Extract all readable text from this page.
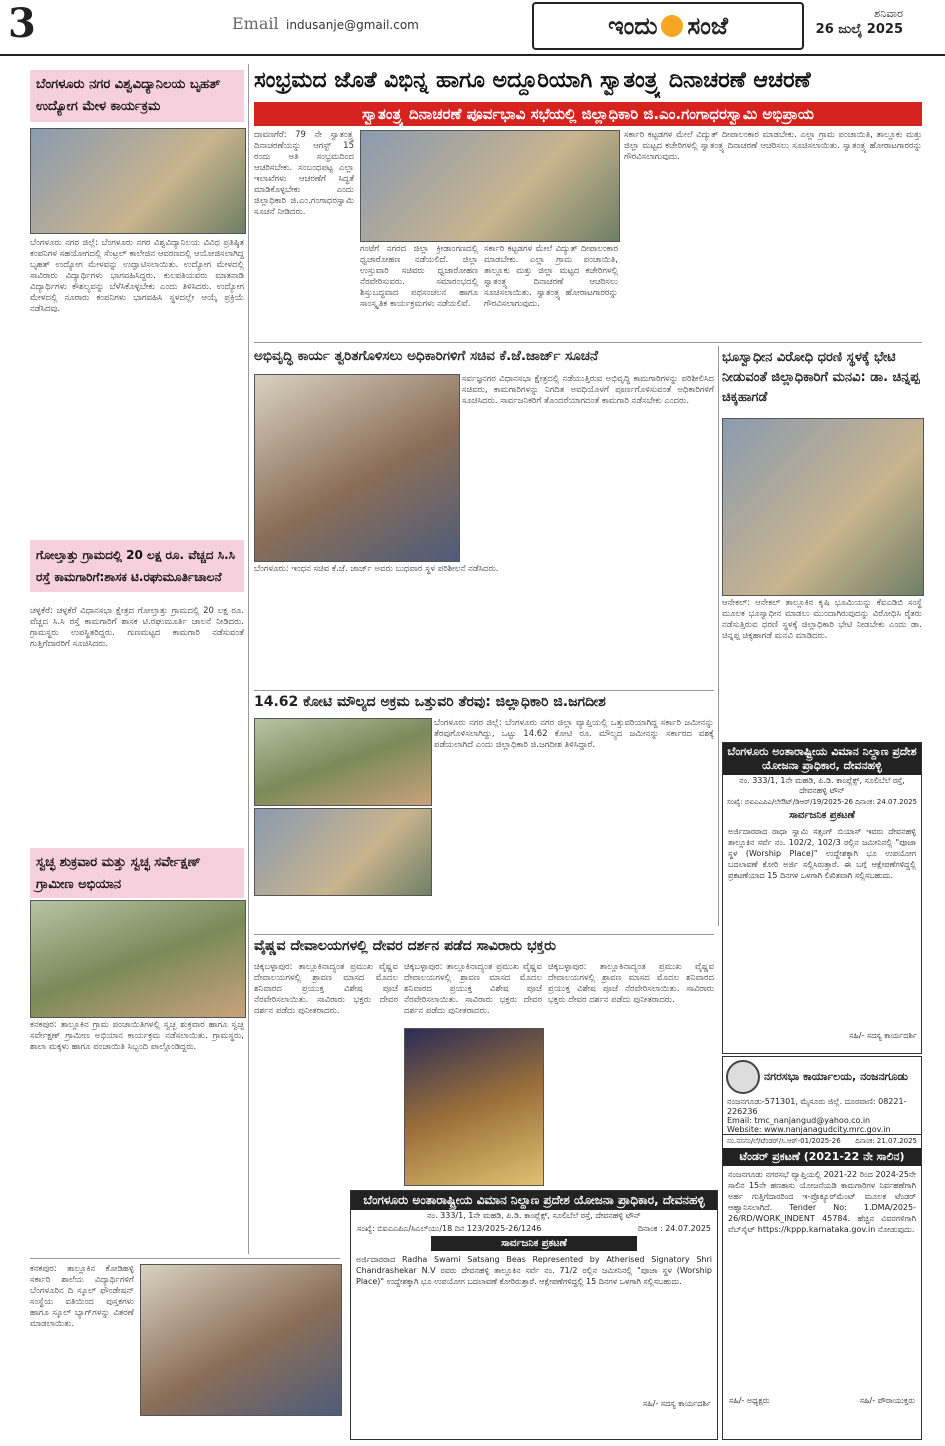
3	Email indusanje@gmail.com	ಇಂದು ಸಂಜೆ	ಶನಿವಾರ
26 ಜುಲೈ 2025
ಬೆಂಗಳೂರು ನಗರ ವಿಶ್ವವಿದ್ಯಾನಿಲಯ ಬೃಹತ್ ಉದ್ಯೋಗ ಮೇಳ ಕಾರ್ಯಕ್ರಮ
ಬೆಂಗಳೂರು ನಗರ ಜಿಲ್ಲೆ: ಬೆಂಗಳೂರು ನಗರ ವಿಶ್ವವಿದ್ಯಾನಿಲಯ ವಿವಿಧ ಪ್ರತಿಷ್ಠಿತ ಕಂಪನಿಗಳ ಸಹಯೋಗದಲ್ಲಿ ಸೆಂಟ್ರಲ್ ಕಾಲೇಜಿನ ಆವರಣದಲ್ಲಿ ಆಯೋಜಿಸಲಾಗಿದ್ದ ಬೃಹತ್ ಉದ್ಯೋಗ ಮೇಳವನ್ನು ಉದ್ಘಾಟಿಸಲಾಯಿತು. ಉದ್ಯೋಗ ಮೇಳದಲ್ಲಿ ಸಾವಿರಾರು ವಿದ್ಯಾರ್ಥಿಗಳು ಭಾಗವಹಿಸಿದ್ದರು. ಕುಲಪತಿಯವರು ಮಾತನಾಡಿ ವಿದ್ಯಾರ್ಥಿಗಳು ಕೌಶಲ್ಯವನ್ನು ಬೆಳೆಸಿಕೊಳ್ಳಬೇಕು ಎಂದು ತಿಳಿಸಿದರು. ಉದ್ಯೋಗ ಮೇಳದಲ್ಲಿ ನೂರಾರು ಕಂಪನಿಗಳು ಭಾಗವಹಿಸಿ ಸ್ಥಳದಲ್ಲೇ ಆಯ್ಕೆ ಪ್ರಕ್ರಿಯೆ ನಡೆಸಿದವು.
ಗೋಲ್ತಾತ್ತು ಗ್ರಾಮದಲ್ಲಿ 20 ಲಕ್ಷ ರೂ. ವೆಚ್ಚದ ಸಿ.ಸಿ ರಸ್ತೆ ಕಾಮಗಾರಿಗೆ:ಶಾಸಕ ಟಿ.ರಘುಮೂರ್ತಿಚಾಲನೆ
ಚಳ್ಳಕೆರೆ: ಚಳ್ಳಕೆರೆ ವಿಧಾನಸಭಾ ಕ್ಷೇತ್ರದ ಗೋಲ್ತಾತ್ತು ಗ್ರಾಮದಲ್ಲಿ 20 ಲಕ್ಷ ರೂ. ವೆಚ್ಚದ ಸಿ.ಸಿ ರಸ್ತೆ ಕಾಮಗಾರಿಗೆ ಶಾಸಕ ಟಿ.ರಘುಮೂರ್ತಿ ಚಾಲನೆ ನೀಡಿದರು. ಗ್ರಾಮಸ್ಥರು ಉಪಸ್ಥಿತರಿದ್ದರು. ಗುಣಮಟ್ಟದ ಕಾಮಗಾರಿ ನಡೆಸುವಂತೆ ಗುತ್ತಿಗೆದಾರರಿಗೆ ಸೂಚಿಸಿದರು.
ಸ್ವಚ್ಛ ಶುಕ್ರವಾರ ಮತ್ತು ಸ್ವಚ್ಛ ಸರ್ವೇಕ್ಷಣ್ ಗ್ರಾಮೀಣ ಅಭಿಯಾನ
ಕನಕಪುರ: ತಾಲ್ಲೂಕಿನ ಗ್ರಾಮ ಪಂಚಾಯಿತಿಗಳಲ್ಲಿ ಸ್ವಚ್ಛ ಶುಕ್ರವಾರ ಹಾಗೂ ಸ್ವಚ್ಛ ಸರ್ವೇಕ್ಷಣ್ ಗ್ರಾಮೀಣ ಅಭಿಯಾನ ಕಾರ್ಯಕ್ರಮ ನಡೆಸಲಾಯಿತು. ಗ್ರಾಮಸ್ಥರು, ಶಾಲಾ ಮಕ್ಕಳು ಹಾಗೂ ಪಂಚಾಯಿತಿ ಸಿಬ್ಬಂದಿ ಪಾಲ್ಗೊಂಡಿದ್ದರು.
ಕನಕಪುರ: ತಾಲ್ಲೂಕಿನ ಕೋಡಿಹಳ್ಳಿ ಸರ್ಕಾರಿ ಶಾಲೆಯ ವಿದ್ಯಾರ್ಥಿಗಳಿಗೆ ಬೆಂಗಳೂರಿನ ದಿ ಸ್ಕೂಲ್ ಫೌಂಡೇಷನ್ ಸಂಸ್ಥೆಯ ವತಿಯಿಂದ ಪುಸ್ತಕಗಳು ಹಾಗೂ ಸ್ಕೂಲ್ ಬ್ಯಾಗ್‌ಗಳನ್ನು ವಿತರಣೆ ಮಾಡಲಾಯಿತು.
ಸಂಭ್ರಮದ ಜೊತೆ ವಿಭಿನ್ನ ಹಾಗೂ ಅದ್ದೂರಿಯಾಗಿ ಸ್ವಾತಂತ್ರ್ಯ ದಿನಾಚರಣೆ ಆಚರಣೆ
ಸ್ವಾತಂತ್ರ್ಯ ದಿನಾಚರಣೆ ಪೂರ್ವಭಾವಿ ಸಭೆಯಲ್ಲಿ ಜಿಲ್ಲಾಧಿಕಾರಿ ಜಿ.ಎಂ.ಗಂಗಾಧರಸ್ವಾಮಿ ಅಭಿಪ್ರಾಯ
ದಾವಣಗೆರೆ: 79 ನೇ ಸ್ವಾತಂತ್ರ್ಯ ದಿನಾಚರಣೆಯನ್ನು ಆಗಸ್ಟ್ 15 ರಂದು ಅತಿ ಸಂಭ್ರಮದಿಂದ ಆಚರಿಸಬೇಕು. ಸಂಬಂಧಪಟ್ಟ ಎಲ್ಲಾ ಇಲಾಖೆಗಳು ಆಚರಣೆಗೆ ಸಿದ್ಧತೆ ಮಾಡಿಕೊಳ್ಳಬೇಕು ಎಂದು ಜಿಲ್ಲಾಧಿಕಾರಿ ಜಿ.ಎಂ.ಗಂಗಾಧರಸ್ವಾಮಿ ಸೂಚನೆ ನೀಡಿದರು.
ಗಂಟೆಗೆ ನಗರದ ಜಿಲ್ಲಾ ಕ್ರೀಡಾಂಗಣದಲ್ಲಿ ಧ್ವಜಾರೋಹಣ ನಡೆಯಲಿದೆ. ಜಿಲ್ಲಾ ಉಸ್ತುವಾರಿ ಸಚಿವರು ಧ್ವಜಾರೋಹಣ ನೆರವೇರಿಸುವರು. ಸಮಾರಂಭದಲ್ಲಿ ಶಿಸ್ತುಬದ್ಧವಾದ ಪಥಸಂಚಲನ ಹಾಗೂ ಸಾಂಸ್ಕೃತಿಕ ಕಾರ್ಯಕ್ರಮಗಳು ನಡೆಯಲಿವೆ.
ಸರ್ಕಾರಿ ಕಟ್ಟಡಗಳ ಮೇಲೆ ವಿದ್ಯುತ್ ದೀಪಾಲಂಕಾರ ಮಾಡಬೇಕು. ಎಲ್ಲಾ ಗ್ರಾಮ ಪಂಚಾಯಿತಿ, ತಾಲ್ಲೂಕು ಮತ್ತು ಜಿಲ್ಲಾ ಮಟ್ಟದ ಕಚೇರಿಗಳಲ್ಲಿ ಸ್ವಾತಂತ್ರ್ಯ ದಿನಾಚರಣೆ ಆಚರಿಸಲು ಸೂಚಿಸಲಾಯಿತು. ಸ್ವಾತಂತ್ರ್ಯ ಹೋರಾಟಗಾರರನ್ನು ಗೌರವಿಸಲಾಗುವುದು.
ಸರ್ಕಾರಿ ಕಟ್ಟಡಗಳ ಮೇಲೆ ವಿದ್ಯುತ್ ದೀಪಾಲಂಕಾರ ಮಾಡಬೇಕು. ಎಲ್ಲಾ ಗ್ರಾಮ ಪಂಚಾಯಿತಿ, ತಾಲ್ಲೂಕು ಮತ್ತು ಜಿಲ್ಲಾ ಮಟ್ಟದ ಕಚೇರಿಗಳಲ್ಲಿ ಸ್ವಾತಂತ್ರ್ಯ ದಿನಾಚರಣೆ ಆಚರಿಸಲು ಸೂಚಿಸಲಾಯಿತು. ಸ್ವಾತಂತ್ರ್ಯ ಹೋರಾಟಗಾರರನ್ನು ಗೌರವಿಸಲಾಗುವುದು.
ಅಭಿವೃದ್ಧಿ ಕಾರ್ಯ ತ್ವರಿತಗೊಳಿಸಲು ಅಧಿಕಾರಿಗಳಿಗೆ ಸಚಿವ ಕೆ.ಜೆ.ಜಾರ್ಜ್ ಸೂಚನೆ
ಸರ್ವಜ್ಞನಗರ ವಿಧಾನಸಭಾ ಕ್ಷೇತ್ರದಲ್ಲಿ ನಡೆಯುತ್ತಿರುವ ಅಭಿವೃದ್ಧಿ ಕಾಮಗಾರಿಗಳನ್ನು ಪರಿಶೀಲಿಸಿದ ಸಚಿವರು, ಕಾಮಗಾರಿಗಳನ್ನು ನಿಗದಿತ ಅವಧಿಯೊಳಗೆ ಪೂರ್ಣಗೊಳಿಸುವಂತೆ ಅಧಿಕಾರಿಗಳಿಗೆ ಸೂಚಿಸಿದರು. ಸಾರ್ವಜನಿಕರಿಗೆ ತೊಂದರೆಯಾಗದಂತೆ ಕಾಮಗಾರಿ ನಡೆಸಬೇಕು ಎಂದರು.
ಬೆಂಗಳೂರು: ಇಂಧನ ಸಚಿವ ಕೆ.ಜೆ. ಜಾರ್ಜ್ ಅವರು ಬುಧವಾರ ಸ್ಥಳ ಪರಿಶೀಲನೆ ನಡೆಸಿದರು.
ಭೂಸ್ವಾಧೀನ ವಿರೋಧಿ ಧರಣಿ ಸ್ಥಳಕ್ಕೆ ಭೇಟಿ ನೀಡುವಂತೆ ಜಿಲ್ಲಾಧಿಕಾರಿಗೆ ಮನವಿ: ಡಾ. ಚಿನ್ನಪ್ಪ ಚಿಕ್ಕಹಾಗಡೆ
ಆನೇಕಲ್: ಆನೇಕಲ್ ತಾಲ್ಲೂಕಿನ ಕೃಷಿ ಭೂಮಿಯನ್ನು ಕೆಐಎಡಿಬಿ ಸಂಸ್ಥೆ ಮೂಲಕ ಭೂಸ್ವಾಧೀನ ಮಾಡಲು ಮುಂದಾಗಿರುವುದನ್ನು ವಿರೋಧಿಸಿ ರೈತರು ನಡೆಸುತ್ತಿರುವ ಧರಣಿ ಸ್ಥಳಕ್ಕೆ ಜಿಲ್ಲಾಧಿಕಾರಿ ಭೇಟಿ ನೀಡಬೇಕು ಎಂದು ಡಾ. ಚಿನ್ನಪ್ಪ ಚಿಕ್ಕಹಾಗಡೆ ಮನವಿ ಮಾಡಿದರು.
14.62 ಕೋಟಿ ಮೌಲ್ಯದ ಅಕ್ರಮ ಒತ್ತುವರಿ ತೆರವು: ಜಿಲ್ಲಾಧಿಕಾರಿ ಜಿ.ಜಗದೀಶ
ಬೆಂಗಳೂರು ನಗರ ಜಿಲ್ಲೆ: ಬೆಂಗಳೂರು ನಗರ ಜಿಲ್ಲಾ ವ್ಯಾಪ್ತಿಯಲ್ಲಿ ಒತ್ತುವರಿಯಾಗಿದ್ದ ಸರ್ಕಾರಿ ಜಮೀನನ್ನು ತೆರವುಗೊಳಿಸಲಾಗಿದ್ದು, ಒಟ್ಟು 14.62 ಕೋಟಿ ರೂ. ಮೌಲ್ಯದ ಜಮೀನನ್ನು ಸರ್ಕಾರದ ವಶಕ್ಕೆ ಪಡೆಯಲಾಗಿದೆ ಎಂದು ಜಿಲ್ಲಾಧಿಕಾರಿ ಜಿ.ಜಗದೀಶ ತಿಳಿಸಿದ್ದಾರೆ.	ಬೆಂಗಳೂರು ಅಂತಾರಾಷ್ಟ್ರೀಯ ವಿಮಾನ ನಿಲ್ದಾಣ ಪ್ರದೇಶ ಯೋಜನಾ ಪ್ರಾಧಿಕಾರ, ದೇವನಹಳ್ಳಿ
ನಂ. 333/1, 1ನೇ ಮಹಡಿ, ಪಿ.ಡಿ. ಕಾಂಪ್ಲೆಕ್ಸ್, ಸೂಲಿಬೆಲೆ ರಸ್ತೆ, ದೇವನಹಳ್ಳಿ ಟೌನ್
ಸಂಖ್ಯೆ: ಬಿಐಎಎಪಿಎ/ಲೇಔಟ್/ಡಿಆರ್/19/2025-26 ದಿನಾಂಕ: 24.07.2025
ಸಾರ್ವಜನಿಕ ಪ್ರಕಟಣೆ
ಅರ್ಜಿದಾರರಾದ ರಾಧಾ ಸ್ವಾಮಿ ಸತ್ಸಂಗ್ ಬಿಯಾಸ್ ಇವರು ದೇವನಹಳ್ಳಿ ತಾಲ್ಲೂಕಿನ ಸರ್ವೆ ನಂ. 102/2, 102/3 ರಲ್ಲಿನ ಜಮೀನಿನಲ್ಲಿ "ಪೂಜಾ ಸ್ಥಳ (Worship Place)" ಉದ್ದೇಶಕ್ಕಾಗಿ ಭೂ ಉಪಯೋಗ ಬದಲಾವಣೆ ಕೋರಿ ಅರ್ಜಿ ಸಲ್ಲಿಸಿರುತ್ತಾರೆ. ಈ ಬಗ್ಗೆ ಆಕ್ಷೇಪಣೆಗಳಿದ್ದಲ್ಲಿ ಪ್ರಕಟಣೆಯಾದ 15 ದಿನಗಳ ಒಳಗಾಗಿ ಲಿಖಿತವಾಗಿ ಸಲ್ಲಿಸಬಹುದು.
ಸಹಿ/- ಸದಸ್ಯ ಕಾರ್ಯದರ್ಶಿ
ನಗರಸಭಾ ಕಾರ್ಯಾಲಯ, ನಂಜನಗೂಡು
ನಂಜನಗೂಡು-571301, ಮೈಸೂರು ಜಿಲ್ಲೆ. ದೂರವಾಣಿ: 08221-226236
Email: tmc_nanjangud@yahoo.co.in
Website: www.nanjanagudcity.mrc.gov.in
ನಂ.ನಸನಂ/ಲೆ/ಟೆಂಡರ್/ಸಿ.ಆರ್-01/2025-26 ದಿನಾಂಕ: 21.07.2025
ಟೆಂಡರ್ ಪ್ರಕಟಣೆ (2021-22 ನೇ ಸಾಲಿನ)
ನಂಜನಗೂಡು ನಗರಸಭೆ ವ್ಯಾಪ್ತಿಯಲ್ಲಿ 2021-22 ರಿಂದ 2024-25ನೇ ಸಾಲಿನ 15ನೇ ಹಣಕಾಸು ಯೋಜನೆಯಡಿ ಕಾಮಗಾರಿಗಳ ನಿರ್ವಹಣೆಗಾಗಿ ಅರ್ಹ ಗುತ್ತಿಗೆದಾರರಿಂದ ಇ-ಪ್ರೊಕ್ಯೂರ್‌ಮೆಂಟ್ ಮೂಲಕ ಟೆಂಡರ್ ಆಹ್ವಾನಿಸಲಾಗಿದೆ. Tender No: 1.DMA/2025-26/RD/WORK_INDENT 45784. ಹೆಚ್ಚಿನ ವಿವರಗಳಿಗಾಗಿ ವೆಬ್‌ಸೈಟ್ https://kppp.karnataka.gov.in ನೋಡುವುದು.
ಸಹಿ/- ಅಧ್ಯಕ್ಷರು	ಸಹಿ/- ಪೌರಾಯುಕ್ತರು
ವೈಷ್ಣವ ದೇವಾಲಯಗಳಲ್ಲಿ ದೇವರ ದರ್ಶನ ಪಡೆದ ಸಾವಿರಾರು ಭಕ್ತರು
ಚಿಕ್ಕಬಳ್ಳಾಪುರ: ತಾಲ್ಲೂಕಿನಾದ್ಯಂತ ಪ್ರಮುಖ ವೈಷ್ಣವ ದೇವಾಲಯಗಳಲ್ಲಿ ಶ್ರಾವಣ ಮಾಸದ ಮೊದಲ ಶನಿವಾರದ ಪ್ರಯುಕ್ತ ವಿಶೇಷ ಪೂಜೆ ನೆರವೇರಿಸಲಾಯಿತು. ಸಾವಿರಾರು ಭಕ್ತರು ದೇವರ ದರ್ಶನ ಪಡೆದು ಪುನೀತರಾದರು.
ಚಿಕ್ಕಬಳ್ಳಾಪುರ: ತಾಲ್ಲೂಕಿನಾದ್ಯಂತ ಪ್ರಮುಖ ವೈಷ್ಣವ ದೇವಾಲಯಗಳಲ್ಲಿ ಶ್ರಾವಣ ಮಾಸದ ಮೊದಲ ಶನಿವಾರದ ಪ್ರಯುಕ್ತ ವಿಶೇಷ ಪೂಜೆ ನೆರವೇರಿಸಲಾಯಿತು. ಸಾವಿರಾರು ಭಕ್ತರು ದೇವರ ದರ್ಶನ ಪಡೆದು ಪುನೀತರಾದರು.
ಚಿಕ್ಕಬಳ್ಳಾಪುರ: ತಾಲ್ಲೂಕಿನಾದ್ಯಂತ ಪ್ರಮುಖ ವೈಷ್ಣವ ದೇವಾಲಯಗಳಲ್ಲಿ ಶ್ರಾವಣ ಮಾಸದ ಮೊದಲ ಶನಿವಾರದ ಪ್ರಯುಕ್ತ ವಿಶೇಷ ಪೂಜೆ ನೆರವೇರಿಸಲಾಯಿತು. ಸಾವಿರಾರು ಭಕ್ತರು ದೇವರ ದರ್ಶನ ಪಡೆದು ಪುನೀತರಾದರು.
ಬೆಂಗಳೂರು ಅಂತಾರಾಷ್ಟ್ರೀಯ ವಿಮಾನ ನಿಲ್ದಾಣ ಪ್ರದೇಶ ಯೋಜನಾ ಪ್ರಾಧಿಕಾರ, ದೇವನಹಳ್ಳಿ
ನಂ. 333/1, 1ನೇ ಮಹಡಿ, ಪಿ.ಡಿ. ಕಾಂಪ್ಲೆಕ್ಸ್, ಸೂಲಿಬೆಲೆ ರಸ್ತೆ, ದೇವನಹಳ್ಳಿ ಟೌನ್
ಸಂಖ್ಯೆ: ಬಿಐಎಎಪಿಎ/ಸಿಎಲ್‌ಯು/18 ದಿನ 123/2025-26/1246	ದಿನಾಂಕ : 24.07.2025
ಸಾರ್ವಜನಿಕ ಪ್ರಕಟಣೆ
ಅರ್ಜಿದಾರರಾದ Radha Swami Satsang Beas Represented by Atherised Signatory Shri Chandrashekar N.V ರವರು ದೇವನಹಳ್ಳಿ ತಾಲ್ಲೂಕಿನ ಸರ್ವೆ ನಂ. 71/2 ರಲ್ಲಿನ ಜಮೀನಿನಲ್ಲಿ "ಪೂಜಾ ಸ್ಥಳ (Worship Place)" ಉದ್ದೇಶಕ್ಕಾಗಿ ಭೂ ಉಪಯೋಗ ಬದಲಾವಣೆ ಕೋರಿರುತ್ತಾರೆ. ಆಕ್ಷೇಪಣೆಗಳಿದ್ದಲ್ಲಿ 15 ದಿನಗಳ ಒಳಗಾಗಿ ಸಲ್ಲಿಸಬಹುದು.
ಸಹಿ/- ಸದಸ್ಯ ಕಾರ್ಯದರ್ಶಿ
